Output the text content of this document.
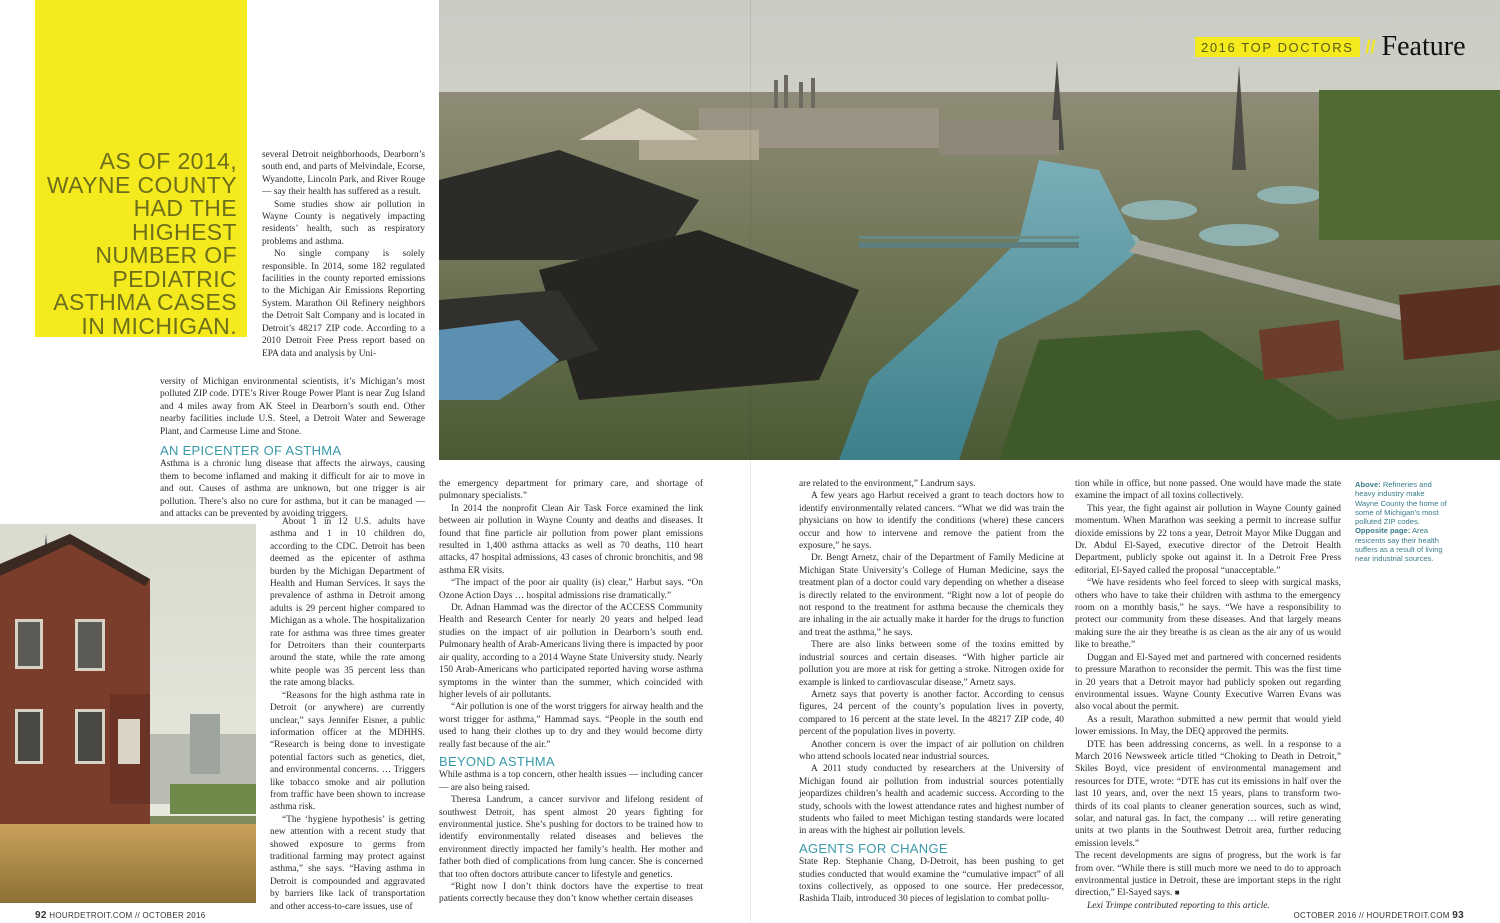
AS OF 2014, WAYNE COUNTY HAD THE HIGHEST NUMBER OF PEDIATRIC ASTHMA CASES IN MICHIGAN.

several Detroit neighborhoods, Dearborn’s south end, and parts of Melvindale, Ecorse, Wyandotte, Lincoln Park, and River Rouge — say their health has suffered as a result.

Some studies show air pollution in Wayne County is negatively impacting residents’ health, such as respiratory problems and asthma.

No single company is solely responsible. In 2014, some 182 regulated facilities in the county reported emissions to the Michigan Air Emissions Reporting System. Marathon Oil Refinery neighbors the Detroit Salt Company and is located in Detroit’s 48217 ZIP code. According to a 2010 Detroit Free Press report based on EPA data and analysis by Uni-

versity of Michigan environmental scientists, it’s Michigan’s most polluted ZIP code. DTE’s River Rouge Power Plant is near Zug Island and 4 miles away from AK Steel in Dearborn’s south end. Other nearby facilities include U.S. Steel, a Detroit Water and Sewerage Plant, and Carmeuse Lime and Stone.

AN EPICENTER OF ASTHMA

Asthma is a chronic lung disease that affects the airways, causing them to become inflamed and making it difficult for air to move in and out. Causes of asthma are unknown, but one trigger is air pollution. There’s also no cure for asthma, but it can be managed — and attacks can be prevented by avoiding triggers.

About 1 in 12 U.S. adults have asthma and 1 in 10 children do, according to the CDC. Detroit has been deemed as the epicenter of asthma burden by the Michigan Department of Health and Human Services. It says the prevalence of asthma in Detroit among adults is 29 percent higher compared to Michigan as a whole. The hospitalization rate for asthma was three times greater for Detroiters than their counterparts around the state, while the rate among white people was 35 percent less than the rate among blacks.

“Reasons for the high asthma rate in Detroit (or anywhere) are currently unclear,” says Jennifer Eisner, a public information officer at the MDHHS. “Research is being done to investigate potential factors such as genetics, diet, and environmental concerns. … Triggers like tobacco smoke and air pollution from traffic have been shown to increase asthma risk.

“The ‘hygiene hypothesis’ is getting new attention with a recent study that showed exposure to germs from traditional farming may protect against asthma,” she says. “Having asthma in Detroit is compounded and aggravated by barriers like lack of transportation and other access-to-care issues, use of

2016 TOP DOCTORS // Feature

the emergency department for primary care, and shortage of pulmonary specialists.”

In 2014 the nonprofit Clean Air Task Force examined the link between air pollution in Wayne County and deaths and diseases. It found that fine particle air pollution from power plant emissions resulted in 1,400 asthma attacks as well as 70 deaths, 110 heart attacks, 47 hospital admissions, 43 cases of chronic bronchitis, and 98 asthma ER visits.

“The impact of the poor air quality (is) clear,” Harbut says. “On Ozone Action Days … hospital admissions rise dramatically.”

Dr. Adnan Hammad was the director of the ACCESS Community Health and Research Center for nearly 20 years and helped lead studies on the impact of air pollution in Dearborn’s south end. Pulmonary health of Arab-Americans living there is impacted by poor air quality, according to a 2014 Wayne State University study. Nearly 150 Arab-Americans who participated reported having worse asthma symptoms in the winter than the summer, which coincided with higher levels of air pollutants.

“Air pollution is one of the worst triggers for airway health and the worst trigger for asthma,” Hammad says. “People in the south end used to hang their clothes up to dry and they would become dirty really fast because of the air.”

BEYOND ASTHMA

While asthma is a top concern, other health issues — including cancer — are also being raised.

Theresa Landrum, a cancer survivor and lifelong resident of southwest Detroit, has spent almost 20 years fighting for environmental justice. She’s pushing for doctors to be trained how to identify environmentally related diseases and believes the environment directly impacted her family’s health. Her mother and father both died of complications from lung cancer. She is concerned that too often doctors attribute cancer to lifestyle and genetics.

“Right now I don’t think doctors have the expertise to treat patients correctly because they don’t know whether certain diseases

are related to the environment,” Landrum says.

A few years ago Harbut received a grant to teach doctors how to identify environmentally related cancers. “What we did was train the physicians on how to identify the conditions (where) these cancers occur and how to intervene and remove the patient from the exposure,” he says.

Dr. Bengt Arnetz, chair of the Department of Family Medicine at Michigan State University’s College of Human Medicine, says the treatment plan of a doctor could vary depending on whether a disease is directly related to the environment. “Right now a lot of people do not respond to the treatment for asthma because the chemicals they are inhaling in the air actually make it harder for the drugs to function and treat the asthma,” he says.

There are also links between some of the toxins emitted by industrial sources and certain diseases. “With higher particle air pollution you are more at risk for getting a stroke. Nitrogen oxide for example is linked to cardiovascular disease,” Arnetz says.

Arnetz says that poverty is another factor. According to census figures, 24 percent of the county’s population lives in poverty, compared to 16 percent at the state level. In the 48217 ZIP code, 40 percent of the population lives in poverty.

Another concern is over the impact of air pollution on children who attend schools located near industrial sources.

A 2011 study conducted by researchers at the University of Michigan found air pollution from industrial sources potentially jeopardizes children’s health and academic success. According to the study, schools with the lowest attendance rates and highest number of students who failed to meet Michigan testing standards were located in areas with the highest air pollution levels.

AGENTS FOR CHANGE

State Rep. Stephanie Chang, D-Detroit, has been pushing to get studies conducted that would examine the “cumulative impact” of all toxins collectively, as opposed to one source. Her predecessor, Rashida Tlaib, introduced 30 pieces of legislation to combat pollu-

tion while in office, but none passed. One would have made the state examine the impact of all toxins collectively.

This year, the fight against air pollution in Wayne County gained momentum. When Marathon was seeking a permit to increase sulfur dioxide emissions by 22 tons a year, Detroit Mayor Mike Duggan and Dr. Abdul El-Sayed, executive director of the Detroit Health Department, publicly spoke out against it. In a Detroit Free Press editorial, El-Sayed called the proposal “unacceptable.”

“We have residents who feel forced to sleep with surgical masks, others who have to take their children with asthma to the emergency room on a monthly basis,” he says. “We have a responsibility to protect our community from these diseases. And that largely means making sure the air they breathe is as clean as the air any of us would like to breathe.”

Duggan and El-Sayed met and partnered with concerned residents to pressure Marathon to reconsider the permit. This was the first time in 20 years that a Detroit mayor had publicly spoken out regarding environmental issues. Wayne County Executive Warren Evans was also vocal about the permit.

As a result, Marathon submitted a new permit that would yield lower emissions. In May, the DEQ approved the permits.

DTE has been addressing concerns, as well. In a response to a March 2016 Newsweek article titled “Choking to Death in Detroit,” Skiles Boyd, vice president of environmental management and resources for DTE, wrote: “DTE has cut its emissions in half over the last 10 years, and, over the next 15 years, plans to transform two-thirds of its coal plants to cleaner generation sources, such as wind, solar, and natural gas. In fact, the company … will retire generating units at two plants in the Southwest Detroit area, further reducing emission levels.”

The recent developments are signs of progress, but the work is far from over. “While there is still much more we need to do to approach environmental justice in Detroit, these are important steps in the right direction,” El-Sayed says. ■

Lexi Trimpe contributed reporting to this article.

Above: Refineries and heavy industry make Wayne County the home of some of Michigan’s most polluted ZIP codes. Opposite page: Area resicents say their health suffers as a result of living near industrial sources.
92 HOURDETROIT.COM // OCTOBER 2016	OCTOBER 2016 // HOURDETROIT.COM 93
